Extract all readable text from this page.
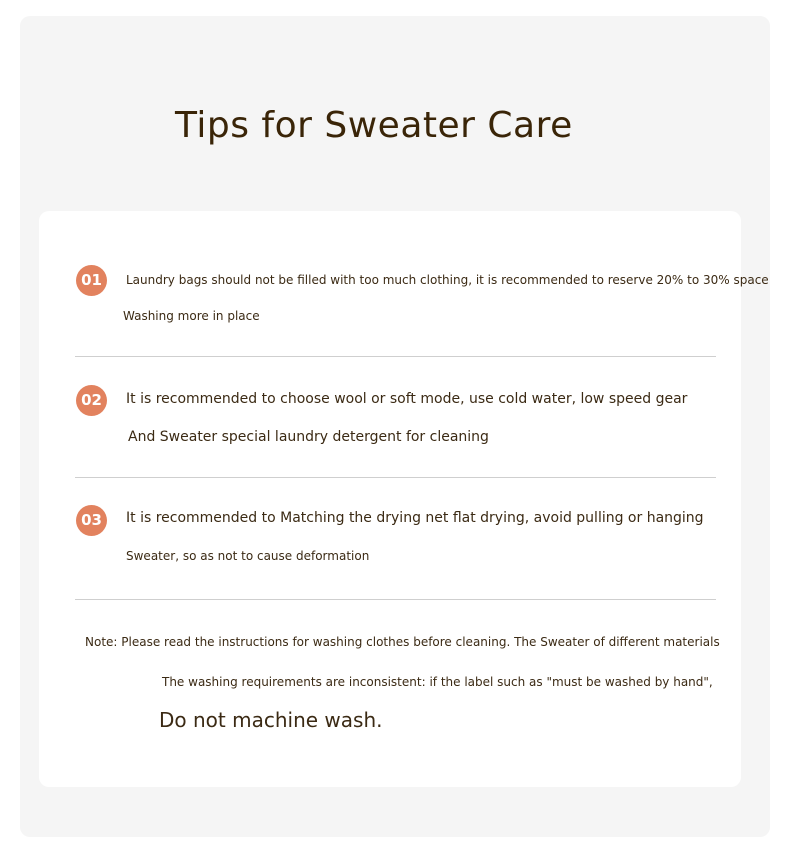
Tips for Sweater Care
01	Laundry bags should not be filled with too much clothing, it is recommended to reserve 20% to 30% space
Washing more in place
02	It is recommended to choose wool or soft mode, use cold water, low speed gear
And Sweater special laundry detergent for cleaning
03	It is recommended to Matching the drying net flat drying, avoid pulling or hanging
Sweater, so as not to cause deformation
Note: Please read the instructions for washing clothes before cleaning. The Sweater of different materials
The washing requirements are inconsistent: if the label such as "must be washed by hand",
Do not machine wash.
